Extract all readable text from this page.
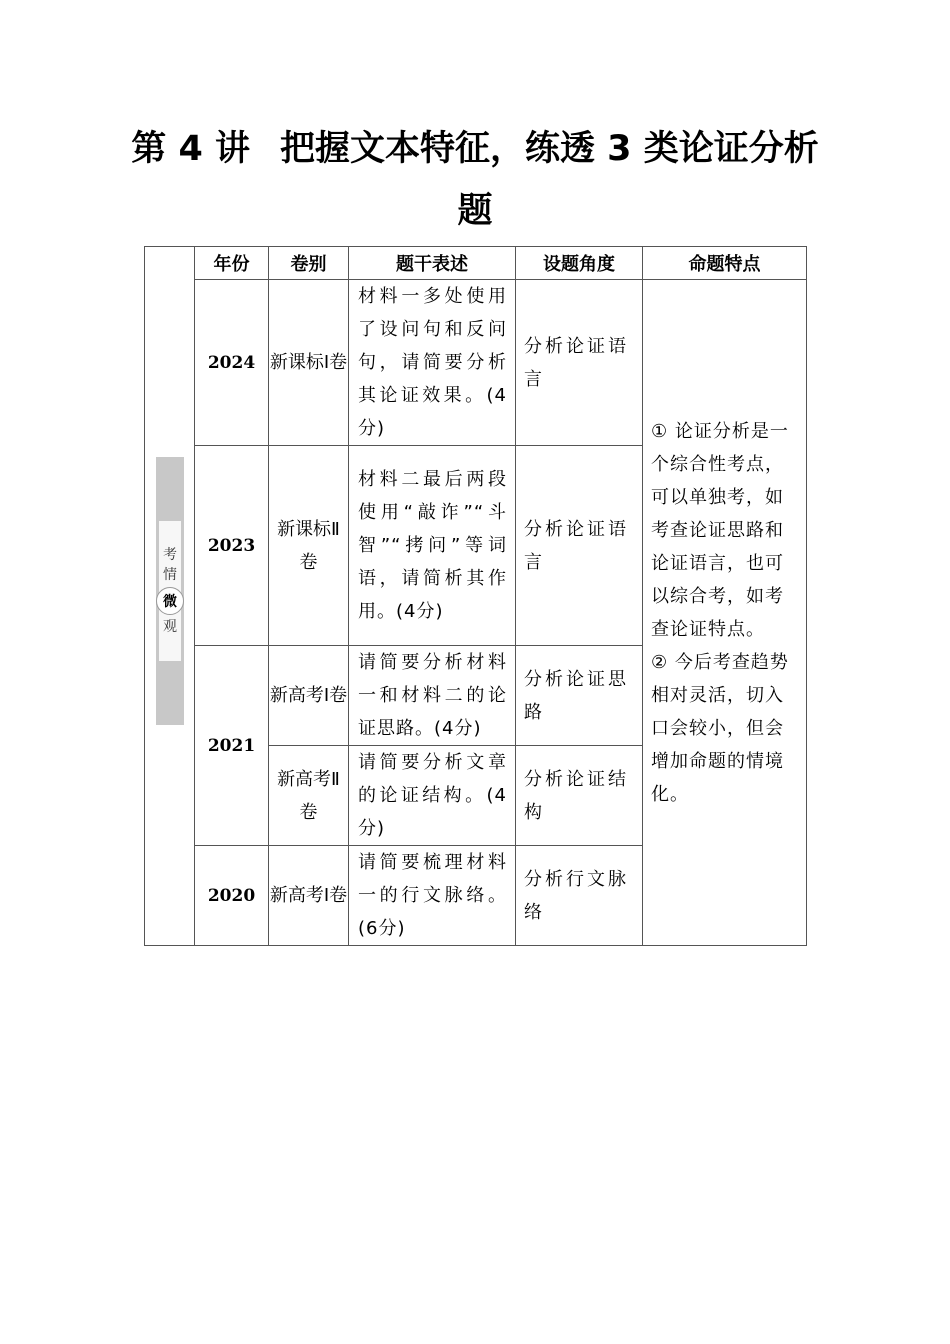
第 4 讲 把握文本特征，练透 3 类论证分析题
考
情
微
观	年份	卷别	题干表述	设题角度	命题特点
	2024	新课标Ⅰ卷	材料一多处使用了设问句和反问句，请简要分析其论证效果。(4分)	分析论证语言	① 论证分析是一个综合性考点，可以单独考，如考查论证思路和论证语言，也可以综合考，如考查论证特点。
② 今后考查趋势相对灵活，切入口会较小，但会增加命题的情境化。

	2023	新课标Ⅱ卷	材料二最后两段使用“敲诈”“斗智”“拷问”等词语，请简析其作用。(4分)	分析论证语言	
	2021	新高考Ⅰ卷	请简要分析材料一和材料二的论证思路。(4分)	分析论证思路	
		新高考Ⅱ卷	请简要分析文章的论证结构。(4分)	分析论证结构	
	2020	新高考Ⅰ卷	请简要梳理材料一的行文脉络。(6分)	分析行文脉络	
